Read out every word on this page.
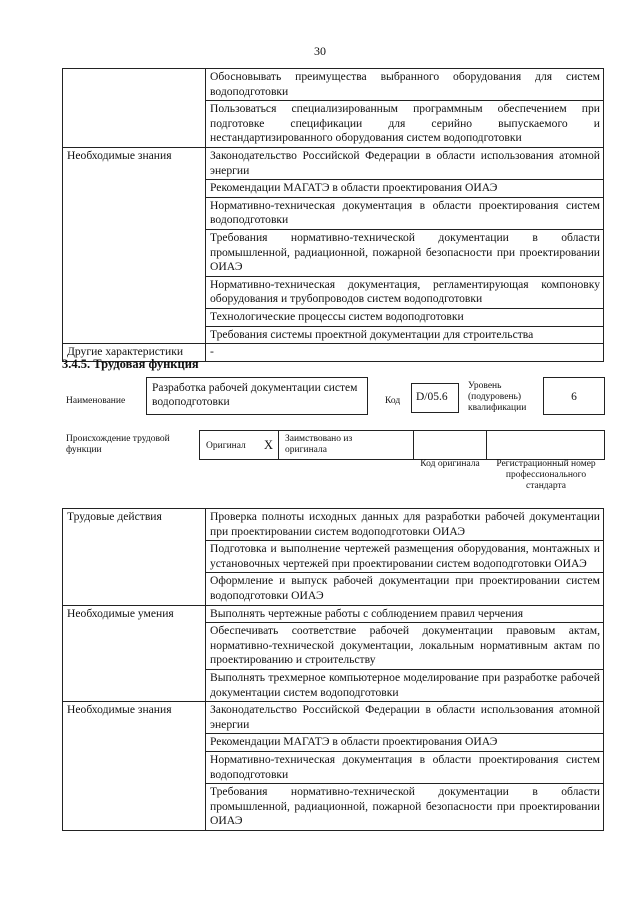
30
	Обосновывать преимущества выбранного оборудования для систем водоподготовки
	Пользоваться специализированным программным обеспечением при подготовке спецификации для серийно выпускаемого и нестандартизированного оборудования систем водоподготовки
Необходимые знания	Законодательство Российской Федерации в области использования атомной энергии
	Рекомендации МАГАТЭ в области проектирования ОИАЭ
	Нормативно-техническая документация в области проектирования систем водоподготовки
	Требования нормативно-технической документации в области промышленной, радиационной, пожарной безопасности при проектировании ОИАЭ
	Нормативно-техническая документация, регламентирующая компоновку оборудования и трубопроводов систем водоподготовки
	Технологические процессы систем водоподготовки
	Требования системы проектной документации для строительства
Другие характеристики	-
3.4.5. Трудовая функция
Наименование
Разработка рабочей документации систем водоподготовки	Код	D/05.6
Уровень (подуровень) квалификации
6
Происхождение трудовой функции	Оригинал X Заимствовано из оригинала
Код оригинала	Регистрационный номер профессионального стандарта
Трудовые действия	Проверка полноты исходных данных для разработки рабочей документации при проектировании систем водоподготовки ОИАЭ
	Подготовка и выполнение чертежей размещения оборудования, монтажных и установочных чертежей при проектировании систем водоподготовки ОИАЭ
	Оформление и выпуск рабочей документации при проектировании систем водоподготовки ОИАЭ
Необходимые умения	Выполнять чертежные работы с соблюдением правил черчения
	Обеспечивать соответствие рабочей документации правовым актам, нормативно-технической документации, локальным нормативным актам по проектированию и строительству
	Выполнять трехмерное компьютерное моделирование при разработке рабочей документации систем водоподготовки
Необходимые знания	Законодательство Российской Федерации в области использования атомной энергии
	Рекомендации МАГАТЭ в области проектирования ОИАЭ
	Нормативно-техническая документация в области проектирования систем водоподготовки
	Требования нормативно-технической документации в области промышленной, радиационной, пожарной безопасности при проектировании ОИАЭ
